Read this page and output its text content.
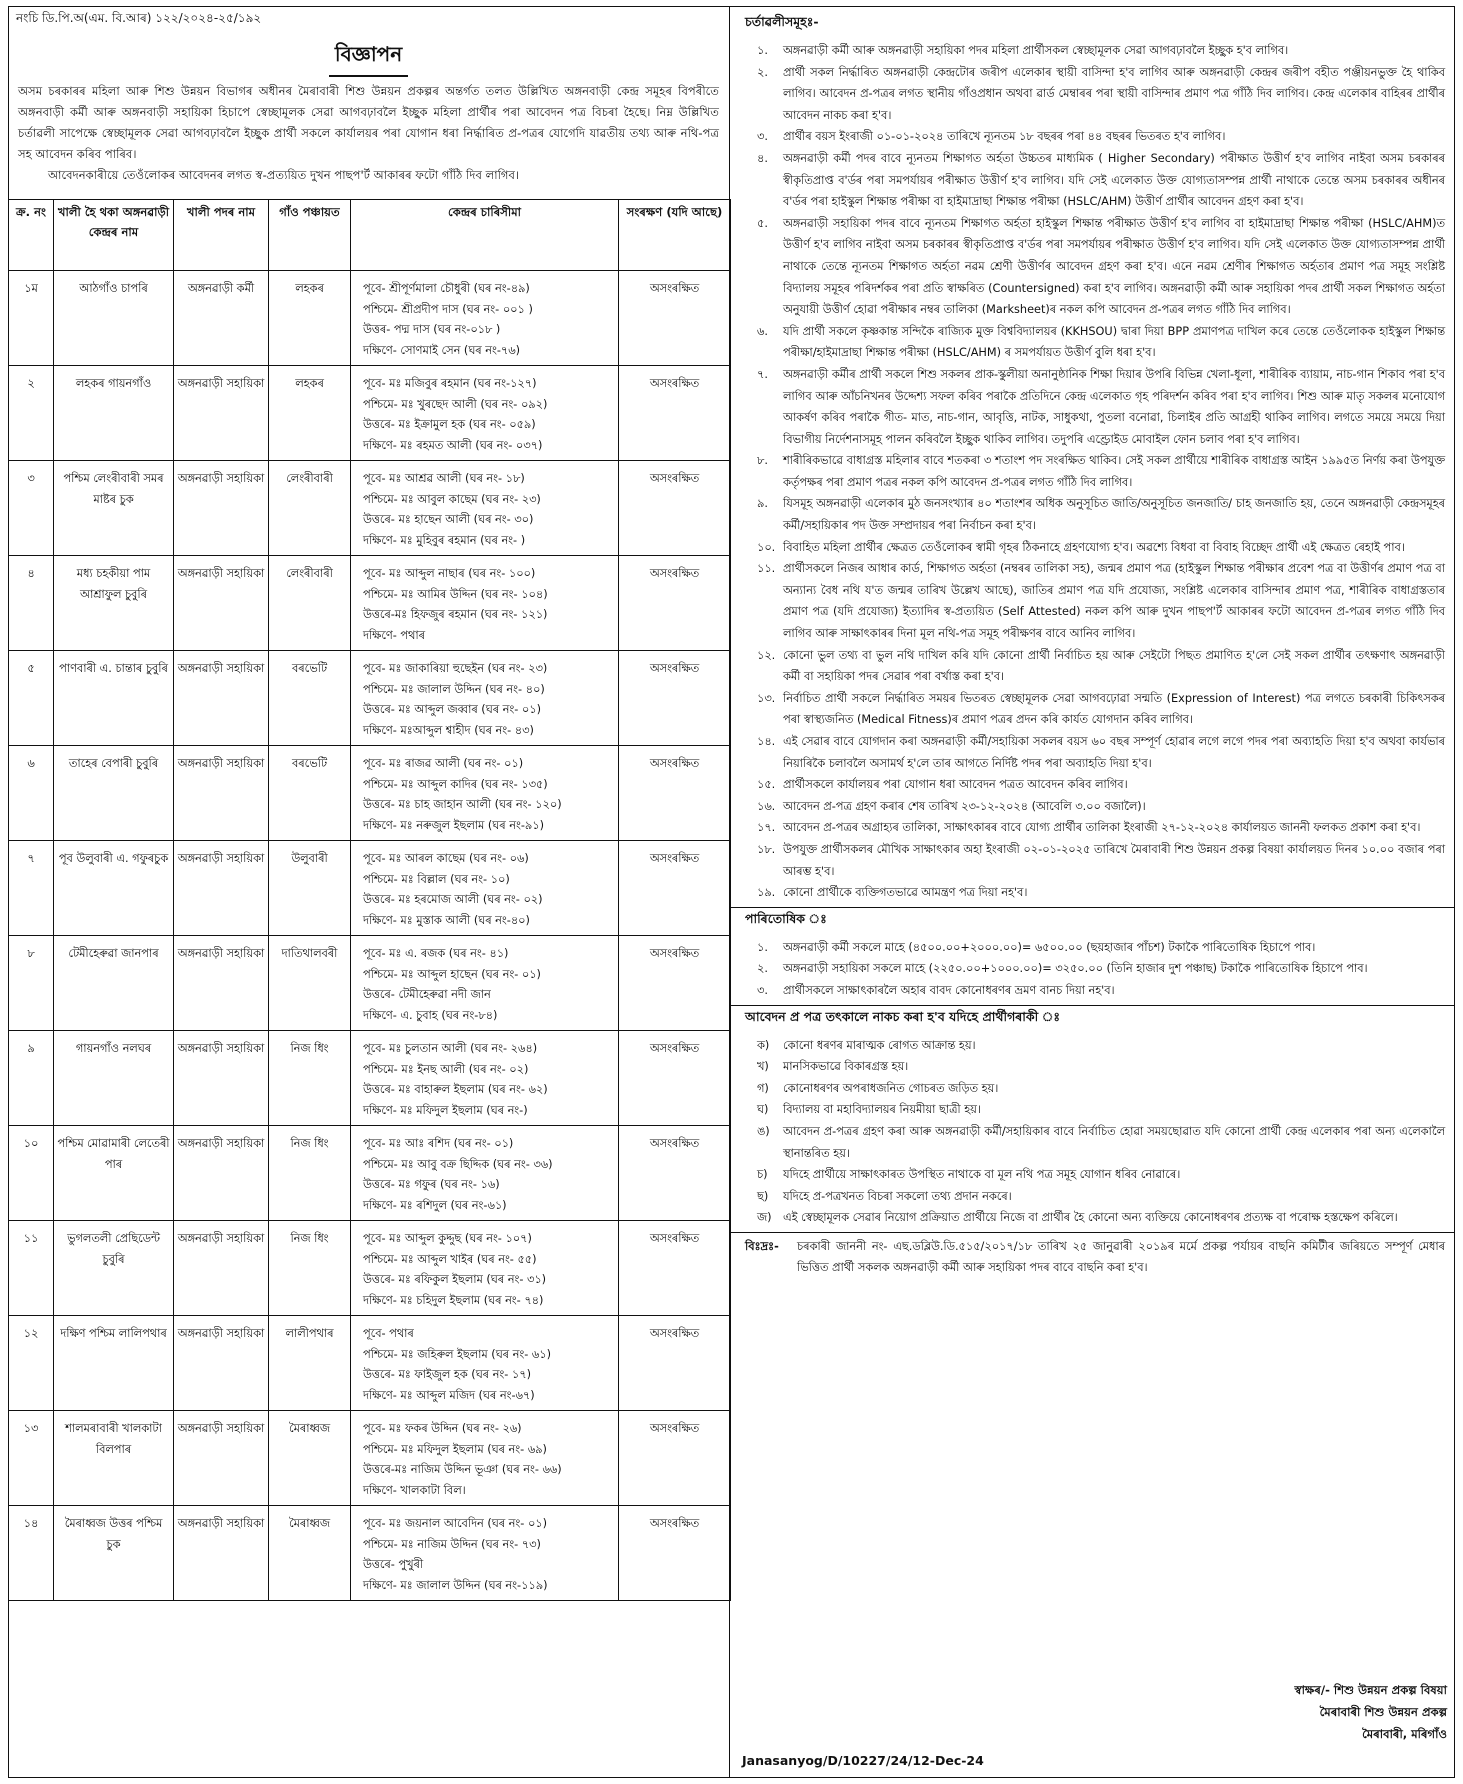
নংচি ডি.পি.অ(এম. বি.আৰ) ১২২/২০২৪-২৫/১৯২
বিজ্ঞাপন
অসম চৰকাৰৰ মহিলা আৰু শিশু উন্নয়ন বিভাগৰ অধীনৰ মৈৰাবাৰী শিশু উন্নয়ন প্ৰকল্পৰ অন্তৰ্গত তলত উল্লিখিত অঙ্গনবাড়ী কেন্দ্ৰ সমূহৰ বিপৰীতে অঙ্গনবাড়ী কৰ্মী আৰু অঙ্গনবাড়ী সহায়িকা হিচাপে স্বেচ্ছামূলক সেৱা আগবঢ়াবলৈ ইচ্ছুক মহিলা প্ৰাৰ্থীৰ পৰা আবেদন পত্ৰ বিচৰা হৈছে। নিম্ন উল্লিখিত চৰ্তাৱলী সাপেক্ষে স্বেচ্ছামূলক সেৱা আগবঢ়াবলৈ ইচ্ছুক প্ৰাৰ্থী সকলে কাৰ্যালয়ৰ পৰা যোগান ধৰা নিৰ্দ্ধাৰিত প্ৰ-পত্ৰৰ যোগেদি যাৱতীয় তথ্য আৰু নথি-পত্ৰ সহ আবেদন কৰিব পাৰিব।
আবেদনকাৰীয়ে তেওঁলোকৰ আবেদনৰ লগত স্ব-প্ৰত্যয়িত দুখন পাছপ'ৰ্ট আকাৰৰ ফটো গাঁঠি দিব লাগিব।
ক্ৰ. নং	খালী হৈ থকা অঙ্গনৱাড়ী কেন্দ্ৰৰ নাম	খালী পদৰ নাম	গাঁও পঞ্চায়ত	কেন্দ্ৰৰ চাৰিসীমা	সংৰক্ষণ (যদি আছে)
১ম	আঠগাঁও চাপৰি	অঙ্গনৱাড়ী কৰ্মী	লহকৰ	পূবে- শ্ৰীপূৰ্ণমালা চৌধুৰী (ঘৰ নং-৪৯)
পশ্চিমে- শ্ৰীপ্ৰদীপ দাস (ঘৰ নং- ০০১ )
উত্তৰ- পদ্ম দাস (ঘৰ নং-০১৮ )
দক্ষিণে- সোণমাই সেন (ঘৰ নং-৭৬)	অসংৰক্ষিত
২	লহকৰ গায়নগাঁও	অঙ্গনৱাড়ী সহায়িকা	লহকৰ	পূবে- মঃ মজিবুৰ ৰহমান (ঘৰ নং-১২৭)
পশ্চিমে- মঃ খুৰছেদ আলী (ঘৰ নং- ০৯২)
উত্তৰে- মঃ ইক্ৰামুল হক (ঘৰ নং- ০৫৯)
দক্ষিণে- মঃ ৰহমত আলী (ঘৰ নং- ০৩৭)	অসংৰক্ষিত
৩	পশ্চিম লেংৰীবাৰী সমৰ মাষ্টৰ চুক	অঙ্গনৱাড়ী সহায়িকা	লেংৰীবাৰী	পূবে- মঃ আশ্ৰৱ আলী (ঘৰ নং- ১৮)
পশ্চিমে- মঃ আবুল কাছেম (ঘৰ নং- ২৩)
উত্তৰে- মঃ হাছেন আলী (ঘৰ নং- ৩০)
দক্ষিণে- মঃ মুহিবুৰ ৰহমান (ঘৰ নং- )	অসংৰক্ষিত
৪	মধ্য চহকীয়া পাম আশ্ৰাফুল চুবুৰি	অঙ্গনৱাড়ী সহায়িকা	লেংৰীবাৰী	পূবে- মঃ আব্দুল নাছাৰ (ঘৰ নং- ১০০)
পশ্চিমে- মঃ আমিৰ উদ্দিন (ঘৰ নং- ১০৪)
উত্তৰে-মঃ হিফজুৰ ৰহমান (ঘৰ নং- ১২১)
দক্ষিণে- পথাৰ	অসংৰক্ষিত
৫	পাণবাৰী এ. চান্তাৰ চুবুৰি	অঙ্গনৱাড়ী সহায়িকা	বৰভেটি	পূবে- মঃ জাকাৰিয়া হুছেইন (ঘৰ নং- ২৩)
পশ্চিমে- মঃ জালাল উদ্দিন (ঘৰ নং- ৪০)
উত্তৰে- মঃ আব্দুল জব্বাৰ (ঘৰ নং- ০১)
দক্ষিণে- মঃআব্দুল শ্বাহীদ (ঘৰ নং- ৪৩)	অসংৰক্ষিত
৬	তাহেৰ বেপাৰী চুবুৰি	অঙ্গনৱাড়ী সহায়িকা	বৰভেটি	পূবে- মঃ ৰাজৱ আলী (ঘৰ নং- ০১)
পশ্চিমে- মঃ আব্দুল কাদিৰ (ঘৰ নং- ১৩৫)
উত্তৰে- মঃ চাহ জাহান আলী (ঘৰ নং- ১২০)
দক্ষিণে- মঃ নৰুজুল ইছলাম (ঘৰ নং-৯১)	অসংৰক্ষিত
৭	পূব উলুবাৰী এ. গফুৰচুক	অঙ্গনৱাড়ী সহায়িকা	উলুবাৰী	পূবে- মঃ আৰল কাছেম (ঘৰ নং- ০৬)
পশ্চিমে- মঃ বিল্লাল (ঘৰ নং- ১০)
উত্তৰে- মঃ হৰমোজ আলী (ঘৰ নং- ০২)
দক্ষিণে- মঃ মুস্তাক আলী (ঘৰ নং-৪০)	অসংৰক্ষিত
৮	টেমীহেৰুৱা জানপাৰ	অঙ্গনৱাড়ী সহায়িকা	দাতিথালবৰী	পূবে- মঃ এ. ৰজক (ঘৰ নং- ৪১)
পশ্চিমে- মঃ আব্দুল হাছেন (ঘৰ নং- ০১)
উত্তৰে- টেমীহেৰুৱা নদী জান
দক্ষিণে- এ. চুবাহ (ঘৰ নং-৮৪)	অসংৰক্ষিত
৯	গায়নগাঁও নলঘৰ	অঙ্গনৱাড়ী সহায়িকা	নিজ ধিং	পূবে- মঃ চুলতান আলী (ঘৰ নং- ২৬৪)
পশ্চিমে- মঃ ইনছ আলী (ঘৰ নং- ০২)
উত্তৰে- মঃ বাহাৰুল ইছলাম (ঘৰ নং- ৬২)
দক্ষিণে- মঃ মফিদুল ইছলাম (ঘৰ নং-)	অসংৰক্ষিত
১০	পশ্চিম মোৱামাৰী লেতেৰী পাৰ	অঙ্গনৱাড়ী সহায়িকা	নিজ ধিং	পূবে- মঃ আঃ ৰশিদ (ঘৰ নং- ০১)
পশ্চিমে- মঃ আবু বক্ৰ ছিদ্দিক (ঘৰ নং- ৩৬)
উত্তৰে- মঃ গফুৰ (ঘৰ নং- ১৬)
দক্ষিণে- মঃ ৰশিদুল (ঘৰ নং-৬১)	অসংৰক্ষিত
১১	ভুগলতলী প্ৰেছিডেন্ট চুবুৰি	অঙ্গনৱাড়ী সহায়িকা	নিজ ধিং	পূবে- মঃ আব্দুল কুদ্দুছ (ঘৰ নং- ১০৭)
পশ্চিমে- মঃ আব্দুল খাইৰ (ঘৰ নং- ৫৫)
উত্তৰে- মঃ ৰফিকুল ইছলাম (ঘৰ নং- ৩১)
দক্ষিণে- মঃ চহিদুল ইছলাম (ঘৰ নং- ৭৪)	অসংৰক্ষিত
১২	দক্ষিণ পশ্চিম লালিপথাৰ	অঙ্গনৱাড়ী সহায়িকা	লালীপথাৰ	পূবে- পথাৰ
পশ্চিমে- মঃ জহিৰুল ইছলাম (ঘৰ নং- ৬১)
উত্তৰে- মঃ ফাইজুল হক (ঘৰ নং- ১৭)
দক্ষিণে- মঃ আব্দুল মজিদ (ঘৰ নং-৬৭)	অসংৰক্ষিত
১৩	শালমৰাবাৰী খালকাটা বিলপাৰ	অঙ্গনৱাড়ী সহায়িকা	মৈৰাধ্বজ	পূবে- মঃ ফকৰ উদ্দিন (ঘৰ নং- ২৬)
পশ্চিমে- মঃ মফিদুল ইছলাম (ঘৰ নং- ৬৯)
উত্তৰে-মঃ নাজিম উদ্দিন ভূঞা (ঘৰ নং- ৬৬)
দক্ষিণে- খালকাটা বিল।	অসংৰক্ষিত
১৪	মৈৰাধ্বজ উত্তৰ পশ্চিম চুক	অঙ্গনৱাড়ী সহায়িকা	মৈৰাধ্বজ	পূবে- মঃ জয়নাল আবেদিন (ঘৰ নং- ০১)
পশ্চিমে- মঃ নাজিম উদ্দিন (ঘৰ নং- ৭৩)
উত্তৰে- পুখুৰী
দক্ষিণে- মঃ জালাল উদ্দিন (ঘৰ নং-১১৯)	অসংৰক্ষিত
চৰ্তাৱলীসমূহঃ-
১.	অঙ্গনৱাড়ী কৰ্মী আৰু অঙ্গনৱাড়ী সহায়িকা পদৰ মহিলা প্ৰাৰ্থীসকল স্বেচ্ছামূলক সেৱা আগবঢ়াবলৈ ইচ্ছুক হ'ব লাগিব।
২.	প্ৰাৰ্থী সকল নিৰ্দ্ধাৰিত অঙ্গনৱাড়ী কেন্দ্ৰটোৰ জৰীপ এলেকাৰ স্থায়ী বাসিন্দা হ'ব লাগিব আৰু অঙ্গনৱাড়ী কেন্দ্ৰৰ জৰীপ বহীত পঞ্জীয়নভুক্ত হৈ থাকিব লাগিব। আবেদন প্ৰ-পত্ৰৰ লগত স্থানীয় গাঁওপ্ৰধান অথবা ৱাৰ্ড মেম্বাৰৰ পৰা স্থায়ী বাসিন্দাৰ প্ৰমাণ পত্ৰ গাঁঠি দিব লাগিব। কেন্দ্ৰ এলেকাৰ বাহিৰৰ প্ৰাৰ্থীৰ আবেদন নাকচ কৰা হ'ব।
৩.	প্ৰাৰ্থীৰ বয়স ইংৰাজী ০১-০১-২০২৪ তাৰিখে ন্যূনতম ১৮ বছৰৰ পৰা ৪৪ বছৰৰ ভিতৰত হ'ব লাগিব।
৪.	অঙ্গনৱাড়ী কৰ্মী পদৰ বাবে ন্যূনতম শিক্ষাগত অৰ্হতা উচ্চতৰ মাধ্যমিক ( Higher Secondary) পৰীক্ষাত উত্তীৰ্ণ হ'ব লাগিব নাইবা অসম চৰকাৰৰ স্বীকৃতিপ্ৰাপ্ত ব'ৰ্ডৰ পৰা সমপৰ্যায়ৰ পৰীক্ষাত উত্তীৰ্ণ হ'ব লাগিব। যদি সেই এলেকাত উক্ত যোগ্যতাসম্পন্ন প্ৰাৰ্থী নাথাকে তেন্তে অসম চৰকাৰৰ অধীনৰ ব'ৰ্ডৰ পৰা হাইস্কুল শিক্ষান্ত পৰীক্ষা বা হাইমাদ্ৰাছা শিক্ষান্ত পৰীক্ষা (HSLC/AHM) উত্তীৰ্ণ প্ৰাৰ্থীৰ আবেদন গ্ৰহণ কৰা হ'ব।
৫.	অঙ্গনৱাড়ী সহায়িকা পদৰ বাবে ন্যূনতম শিক্ষাগত অৰ্হতা হাইস্কুল শিক্ষান্ত পৰীক্ষাত উত্তীৰ্ণ হ'ব লাগিব বা হাইমাদ্ৰাছা শিক্ষান্ত পৰীক্ষা (HSLC/AHM)ত উত্তীৰ্ণ হ'ব লাগিব নাইবা অসম চৰকাৰৰ স্বীকৃতিপ্ৰাপ্ত ব'ৰ্ডৰ পৰা সমপৰ্যায়ৰ পৰীক্ষাত উত্তীৰ্ণ হ'ব লাগিব। যদি সেই এলেকাত উক্ত যোগ্যতাসম্পন্ন প্ৰাৰ্থী নাথাকে তেন্তে ন্যূনতম শিক্ষাগত অৰ্হতা নৱম শ্ৰেণী উত্তীৰ্ণৰ আবেদন গ্ৰহণ কৰা হ'ব। এনে নৱম শ্ৰেণীৰ শিক্ষাগত অৰ্হতাৰ প্ৰমাণ পত্ৰ সমূহ সংশ্লিষ্ট বিদ্যালয় সমূহৰ পৰিদৰ্শকৰ পৰা প্ৰতি স্বাক্ষৰিত (Countersigned) কৰা হ'ব লাগিব। অঙ্গনৱাড়ী কৰ্মী আৰু সহায়িকা পদৰ প্ৰাৰ্থী সকল শিক্ষাগত অৰ্হতা অনুযায়ী উত্তীৰ্ণ হোৱা পৰীক্ষাৰ নম্বৰ তালিকা (Marksheet)ৰ নকল কপি আবেদন প্ৰ-পত্ৰৰ লগত গাঁঠি দিব লাগিব।
৬.	যদি প্ৰাৰ্থী সকলে কৃষ্ণকান্ত সন্দিকৈ ৰাজ্যিক মুক্ত বিশ্ববিদ্যালয়ৰ (KKHSOU) দ্বাৰা দিয়া BPP প্ৰমাণপত্ৰ দাখিল কৰে তেন্তে তেওঁলোকক হাইস্কুল শিক্ষান্ত পৰীক্ষা/হাইমাদ্ৰাছা শিক্ষান্ত পৰীক্ষা (HSLC/AHM) ৰ সমপৰ্যায়ত উত্তীৰ্ণ বুলি ধৰা হ'ব।
৭.	অঙ্গনৱাড়ী কৰ্মীৰ প্ৰাৰ্থী সকলে শিশু সকলৰ প্ৰাক-স্কুলীয়া অনানুষ্ঠানিক শিক্ষা দিয়াৰ উপৰি বিভিন্ন খেলা-ধূলা, শাৰীৰিক ব্যায়াম, নাচ-গান শিকাব পৰা হ'ব লাগিব আৰু আঁচনিখনৰ উদ্দেশ্য সফল কৰিব পৰাকৈ প্ৰতিদিনে কেন্দ্ৰ এলেকাত গৃহ পৰিদৰ্শন কৰিব পৰা হ'ব লাগিব। শিশু আৰু মাতৃ সকলৰ মনোযোগ আকৰ্ষণ কৰিব পৰাকৈ গীত- মাত, নাচ-গান, আবৃত্তি, নাটক, সাধুকথা, পুতলা বনোৱা, চিলাইৰ প্ৰতি আগ্ৰহী থাকিব লাগিব। লগতে সময়ে সময়ে দিয়া বিভাগীয় নিৰ্দেশনাসমূহ পালন কৰিবলৈ ইচ্ছুক থাকিব লাগিব। তদুপৰি এণ্ড্ৰোইড মোবাইল ফোন চলাব পৰা হ'ব লাগিব।
৮.	শাৰীৰিকভাৱে বাধাগ্ৰস্ত মহিলাৰ বাবে শতকৰা ৩ শতাংশ পদ সংৰক্ষিত থাকিব। সেই সকল প্ৰাৰ্থীয়ে শাৰীৰিক বাধাগ্ৰস্ত আইন ১৯৯৫ত নিৰ্ণয় কৰা উপযুক্ত কৰ্তৃপক্ষৰ পৰা প্ৰমাণ পত্ৰৰ নকল কপি আবেদন প্ৰ-পত্ৰৰ লগত গাঁঠি দিব লাগিব।
৯.	যিসমূহ অঙ্গনৱাড়ী এলেকাৰ মুঠ জনসংখ্যাৰ ৪০ শতাংশৰ অধিক অনুসূচিত জাতি/অনুসূচিত জনজাতি/ চাহ জনজাতি হয়, তেনে অঙ্গনৱাড়ী কেন্দ্ৰসমূহৰ কৰ্মী/সহায়িকাৰ পদ উক্ত সম্প্ৰদায়ৰ পৰা নিৰ্বাচন কৰা হ'ব।
১০. বিবাহিত মহিলা প্ৰাৰ্থীৰ ক্ষেত্ৰত তেওঁলোকৰ স্বামী গৃহৰ ঠিকনাহে গ্ৰহণযোগ্য হ'ব। অৱশ্যে বিধবা বা বিবাহ বিচ্ছেদ প্ৰাৰ্থী এই ক্ষেত্ৰত ৰেহাই পাব।
১১. প্ৰাৰ্থীসকলে নিজৰ আধাৰ কাৰ্ড, শিক্ষাগত অৰ্হতা (নম্বৰৰ তালিকা সহ), জন্মৰ প্ৰমাণ পত্ৰ (হাইস্কুল শিক্ষান্ত পৰীক্ষাৰ প্ৰবেশ পত্ৰ বা উত্তীৰ্ণৰ প্ৰমাণ পত্ৰ বা অন্যান্য বৈধ নথি য'ত জন্মৰ তাৰিখ উল্লেখ আছে), জাতিৰ প্ৰমাণ পত্ৰ যদি প্ৰযোজ্য, সংশ্লিষ্ট এলেকাৰ বাসিন্দাৰ প্ৰমাণ পত্ৰ, শাৰীৰিক বাধাগ্ৰস্ততাৰ প্ৰমাণ পত্ৰ (যদি প্ৰযোজ্য) ইত্যাদিৰ স্ব-প্ৰত্যয়িত (Self Attested) নকল কপি আৰু দুখন পাছপ'ৰ্ট আকাৰৰ ফটো আবেদন প্ৰ-পত্ৰৰ লগত গাঁঠি দিব লাগিব আৰু সাক্ষাৎকাৰৰ দিনা মূল নথি-পত্ৰ সমূহ পৰীক্ষণৰ বাবে আনিব লাগিব।
১২. কোনো ভুল তথ্য বা ভুল নথি দাখিল কৰি যদি কোনো প্ৰাৰ্থী নিৰ্বাচিত হয় আৰু সেইটো পিছত প্ৰমাণিত হ'লে সেই সকল প্ৰাৰ্থীৰ তৎক্ষণাৎ অঙ্গনৱাড়ী কৰ্মী বা সহায়িকা পদৰ সেৱাৰ পৰা বৰ্খাস্ত কৰা হ'ব।
১৩. নিৰ্বাচিত প্ৰাৰ্থী সকলে নিৰ্দ্ধাৰিত সময়ৰ ভিতৰত স্বেচ্ছামূলক সেৱা আগবঢ়োৱা সন্মতি (Expression of Interest) পত্ৰ লগতে চৰকাৰী চিকিৎসকৰ পৰা স্বাস্থ্যজনিত (Medical Fitness)ৰ প্ৰমাণ পত্ৰৰ প্ৰদন কৰি কাৰ্যত যোগদান কৰিব লাগিব।
১৪. এই সেৱাৰ বাবে যোগদান কৰা অঙ্গনৱাড়ী কৰ্মী/সহায়িকা সকলৰ বয়স ৬০ বছৰ সম্পূৰ্ণ হোৱাৰ লগে লগে পদৰ পৰা অব্যাহতি দিয়া হ'ব অথবা কাৰ্যভাৰ নিয়াৰিকৈ চলাবলৈ অসামৰ্থ হ'লে তাৰ আগতে নিৰ্দিষ্ট পদৰ পৰা অব্যাহতি দিয়া হ'ব।
১৫. প্ৰাৰ্থীসকলে কাৰ্যালয়ৰ পৰা যোগান ধৰা আবেদন পত্ৰত আবেদন কৰিব লাগিব।
১৬. আবেদন প্ৰ-পত্ৰ গ্ৰহণ কৰাৰ শেষ তাৰিখ ২৩-১২-২০২৪ (আবেলি ৩.০০ বজালৈ)।
১৭. আবেদন প্ৰ-পত্ৰৰ অগ্ৰাহ্যৰ তালিকা, সাক্ষাৎকাৰৰ বাবে যোগ্য প্ৰাৰ্থীৰ তালিকা ইংৰাজী ২৭-১২-২০২৪ কাৰ্যালয়ত জাননী ফলকত প্ৰকাশ কৰা হ'ব।
১৮. উপযুক্ত প্ৰাৰ্থীসকলৰ মৌখিক সাক্ষাৎকাৰ অহা ইংৰাজী ০২-০১-২০২৫ তাৰিখে মৈৰাবাৰী শিশু উন্নয়ন প্ৰকল্প বিষয়া কাৰ্যালয়ত দিনৰ ১০.০০ বজাৰ পৰা আৰম্ভ হ'ব।
১৯. কোনো প্ৰাৰ্থীকে ব্যক্তিগতভাৱে আমন্ত্ৰণ পত্ৰ দিয়া নহ'ব।
পাৰিতোষিক ঃ
১.	অঙ্গনৱাড়ী কৰ্মী সকলে মাহে (৪৫০০.০০+২০০০.০০)= ৬৫০০.০০ (ছয়হাজাৰ পাঁচশ) টকাকৈ পাৰিতোষিক হিচাপে পাব।
২.	অঙ্গনৱাড়ী সহায়িকা সকলে মাহে (২২৫০.০০+১০০০.০০)= ৩২৫০.০০ (তিনি হাজাৰ দুশ পঞ্চাছ) টকাকৈ পাৰিতোষিক হিচাপে পাব।
৩.	প্ৰাৰ্থীসকলে সাক্ষাৎকাৰলৈ অহাৰ বাবদ কোনোধৰণৰ ভ্ৰমণ বানচ দিয়া নহ'ব।
আবেদন প্ৰ পত্ৰ তৎকালে নাকচ কৰা হ'ব যদিহে প্ৰাৰ্থীগৰাকী ঃ
ক)	কোনো ধৰণৰ মাৰাত্মক ৰোগত আক্ৰান্ত হয়।
খ)	মানসিকভাৱে বিকাৰগ্ৰস্ত হয়।
গ)	কোনোধৰণৰ অপৰাধজনিত গোচৰত জড়িত হয়।
ঘ)	বিদ্যালয় বা মহাবিদ্যালয়ৰ নিয়মীয়া ছাত্ৰী হয়।
ঙ)	আবেদন প্ৰ-পত্ৰৰ গ্ৰহণ কৰা আৰু অঙ্গনৱাড়ী কৰ্মী/সহায়িকাৰ বাবে নিৰ্বাচিত হোৱা সময়ছোৱাত যদি কোনো প্ৰাৰ্থী কেন্দ্ৰ এলেকাৰ পৰা অন্য এলেকালৈ স্থানান্তৰিত হয়।
চ)	যদিহে প্ৰাৰ্থীয়ে সাক্ষাৎকাৰত উপস্থিত নাথাকে বা মূল নথি পত্ৰ সমূহ যোগান ধৰিব নোৱাৰে।
ছ)	যদিহে প্ৰ-পত্ৰখনত বিচৰা সকলো তথ্য প্ৰদান নকৰে।
জ)	এই স্বেচ্ছামূলক সেৱাৰ নিয়োগ প্ৰক্ৰিয়াত প্ৰাৰ্থীয়ে নিজে বা প্ৰাৰ্থীৰ হৈ কোনো অন্য ব্যক্তিয়ে কোনোধৰণৰ প্ৰত্যক্ষ বা পৰোক্ষ হস্তক্ষেপ কৰিলে।
বিঃদ্ৰঃ-	চৰকাৰী জাননী নং- এছ.ডব্লিউ.ডি.৫১৫/২০১৭/১৮ তাৰিখ ২৫ জানুৱাৰী ২০১৯ৰ মৰ্মে প্ৰকল্প পৰ্যায়ৰ বাছনি কমিটীৰ জৰিয়তে সম্পূৰ্ণ মেধাৰ ভিত্তিত প্ৰাৰ্থী সকলক অঙ্গনৱাড়ী কৰ্মী আৰু সহায়িকা পদৰ বাবে বাছনি কৰা হ'ব।
স্বাক্ষৰ/- শিশু উন্নয়ন প্ৰকল্প বিষয়া
মৈৰাবাৰী শিশু উন্নয়ন প্ৰকল্প
মৈৰাবাৰী, মৰিগাঁও
Janasanyog/D/10227/24/12-Dec-24
